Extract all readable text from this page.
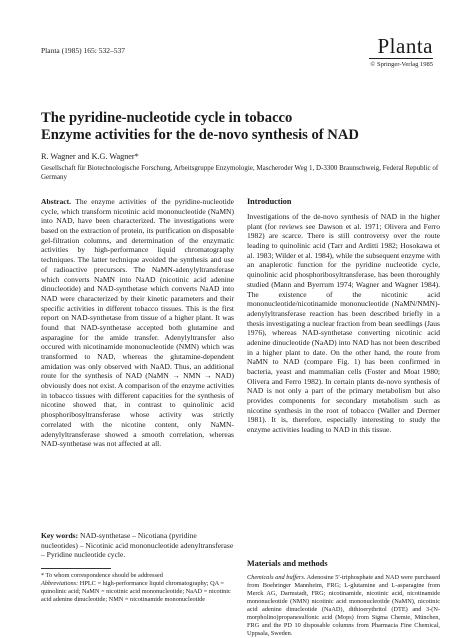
Planta (1985) 165: 532–537	Planta
© Springer-Verlag 1985
The pyridine-nucleotide cycle in tobacco
Enzyme activities for the de-novo synthesis of NAD
R. Wagner and K.G. Wagner*
Gesellschaft für Biotechnologische Forschung, Arbeitsgruppe Enzymologie, Mascheroder Weg 1, D-3300 Braunschweig, Federal Republic of Germany
Abstract. The enzyme activities of the pyridine-nucleotide cycle, which transform nicotinic acid mononucleotide (NaMN) into NAD, have been characterized. The investigations were based on the extraction of protein, its purification on disposable gel-filtration columns, and determination of the enzymatic activities by high-performance liquid chromatography techniques. The latter technique avoided the synthesis and use of radioactive precursors. The NaMN-adenylyltransferase which converts NaMN into NaAD (nicotinic acid adenine dinucleotide) and NAD-synthetase which converts NaAD into NAD were characterized by their kinetic parameters and their specific activities in different tobacco tissues. This is the first report on NAD-synthetase from tissue of a higher plant. It was found that NAD-synthetase accepted both glutamine and asparagine for the amide transfer. Adenylyltransfer also occured with nicotinamide mononucleotide (NMN) which was transformed to NAD, whereas the glutamine-dependent amidation was only observed with NaAD. Thus, an additional route for the synthesis of NAD (NaMN → NMN → NAD) obviously does not exist. A comparison of the enzyme activities in tobacco tissues with different capacities for the synthesis of nicotine showed that, in contrast to quinolinic acid phosphoribosyltransferase whose activity was strictly correlated with the nicotine content, only NaMN-adenylyltransferase showed a smooth correlation, whereas NAD-synthetase was not affected at all.
Key words: NAD-synthetase – Nicotiana (pyridine nucleotides) – Nicotinic acid mononucleotide adenyltransferase – Pyridine nucleotide cycle.
* To whom correspondence should be addressed
Abbreviations: HPLC = high-performance liquid chromatography; QA = quinolinic acid; NaMN = nicotinic acid mononucleotide; NaAD = nicotinic acid adenine dinucleotide; NMN = nicotinamide mononucleotide
Introduction
Investigations of the de-novo synthesis of NAD in the higher plant (for reviews see Dawson et al. 1971; Olivera and Ferro 1982) are scarce. There is still controversy over the route leading to quinolinic acid (Tarr and Arditti 1982; Hosokawa et al. 1983; Wilder et al. 1984), while the subsequent enzyme with an anaplerotic function for the pyridine nucleotide cycle, quinolinic acid phosphoribosyltransferase, has been thoroughly studied (Mann and Byerrum 1974; Wagner and Wagner 1984). The existence of the nicotinic acid mononucleotide/nicotinamide mononucleotide (NaMN/NMN)-adenylyltransferase reaction has been described briefly in a thesis investigating a nuclear fraction from bean seedlings (Jaus 1976), whereas NAD-synthetase converting nicotinic acid adenine dinucleotide (NaAD) into NAD has not been described in a higher plant to date. On the other hand, the route from NaMN to NAD (compare Fig. 1) has been confirmed in bacteria, yeast and mammalian cells (Foster and Moat 1980; Olivera and Ferro 1982). In certain plants de-novo synthesis of NAD is not only a part of the primary metabolism but also provides components for secondary metabolism such as nicotine synthesis in the root of tobacco (Waller and Dermer 1981). It is, therefore, especially interesting to study the enzyme activities leading to NAD in this tissue.
Materials and methods
Chemicals and buffers. Adenosine 5′-triphosphate and NAD were purchased from Boehringer Mannheim, FRG; L-glutamine and L-asparagine from Merck AG, Darmstadt, FRG; nicotinamide, nicotinic acid, nicotinamide mononucleotide (NMN) nicotinic acid mononucleotide (NaMN), nicotinic acid adenine dinucleotide (NaAD), dithioerythritol (DTE) and 3-(N-morpholino)propanesulfonic acid (Mops) from Sigma Chemie, München, FRG and the PD 10 disposable columns from Pharmacia Fine Chemical, Uppsala, Sweden.
